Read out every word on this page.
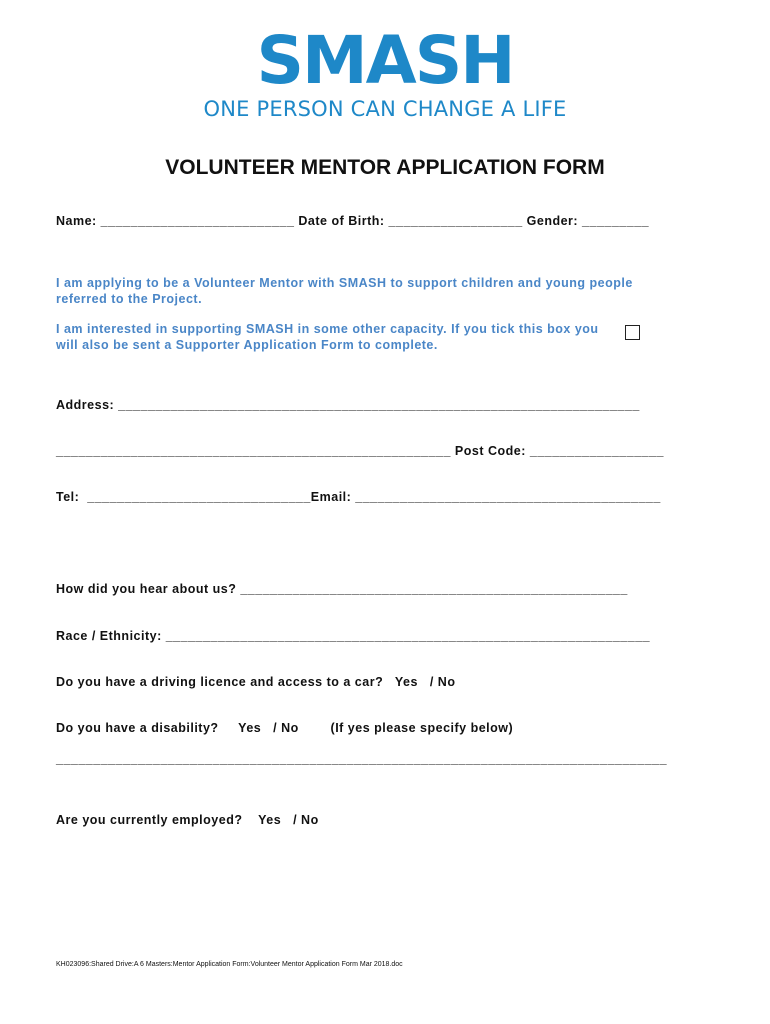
SMASH
ONE PERSON CAN CHANGE A LIFE
VOLUNTEER MENTOR APPLICATION FORM
Name: __________________________ Date of Birth: __________________ Gender: _________
I am applying to be a Volunteer Mentor with SMASH to support children and young people referred to the Project.
I am interested in supporting SMASH in some other capacity. If you tick this box you will also be sent a Supporter Application Form to complete.
Address: ______________________________________________________________________
_____________________________________________________ Post Code: __________________
Tel:  ______________________________Email: _________________________________________
How did you hear about us? ____________________________________________________
Race / Ethnicity: _________________________________________________________________
Do you have a driving licence and access to a car?   Yes   / No
Do you have a disability?     Yes   / No        (If yes please specify below)
__________________________________________________________________________________
Are you currently employed?    Yes   / No
KH023096:Shared Drive:A 6 Masters:Mentor Application Form:Volunteer Mentor Application Form Mar 2018.doc
